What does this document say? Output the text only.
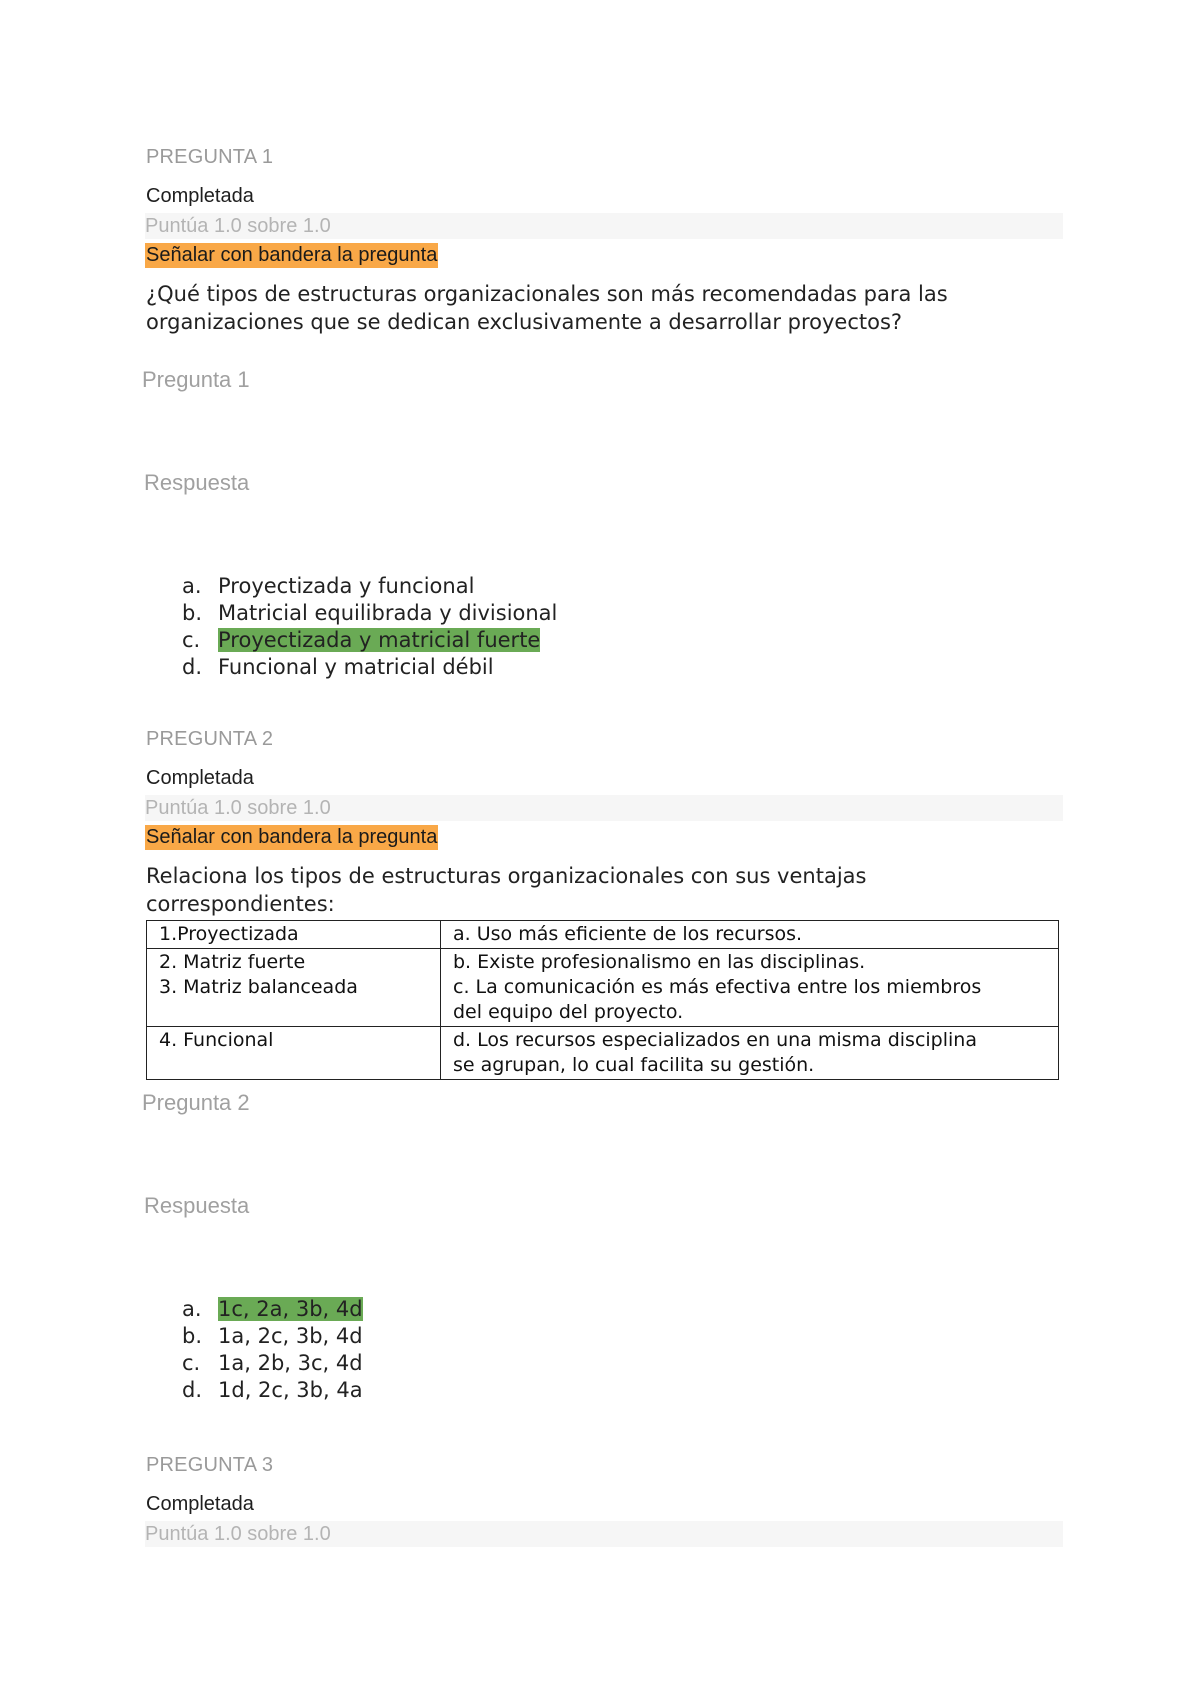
PREGUNTA 1
Completada
Puntúa 1.0 sobre 1.0
Señalar con bandera la pregunta
¿Qué tipos de estructuras organizacionales son más recomendadas para las organizaciones que se dedican exclusivamente a desarrollar proyectos?
Pregunta 1
Respuesta
a. Proyectizada y funcional
b. Matricial equilibrada y divisional
c. Proyectizada y matricial fuerte
d. Funcional y matricial débil
PREGUNTA 2
Completada
Puntúa 1.0 sobre 1.0
Señalar con bandera la pregunta
Relaciona los tipos de estructuras organizacionales con sus ventajas correspondientes:
1.Proyectizada	a. Uso más eficiente de los recursos.

2. Matriz fuerte
3. Matriz balanceada	b. Existe profesionalismo en las disciplinas.
c. La comunicación es más efectiva entre los miembros
del equipo del proyecto.

4. Funcional	d. Los recursos especializados en una misma disciplina
se agrupan, lo cual facilita su gestión.
Pregunta 2
Respuesta
a. 1c, 2a, 3b, 4d
b. 1a, 2c, 3b, 4d
c. 1a, 2b, 3c, 4d
d. 1d, 2c, 3b, 4a
PREGUNTA 3
Completada
Puntúa 1.0 sobre 1.0
